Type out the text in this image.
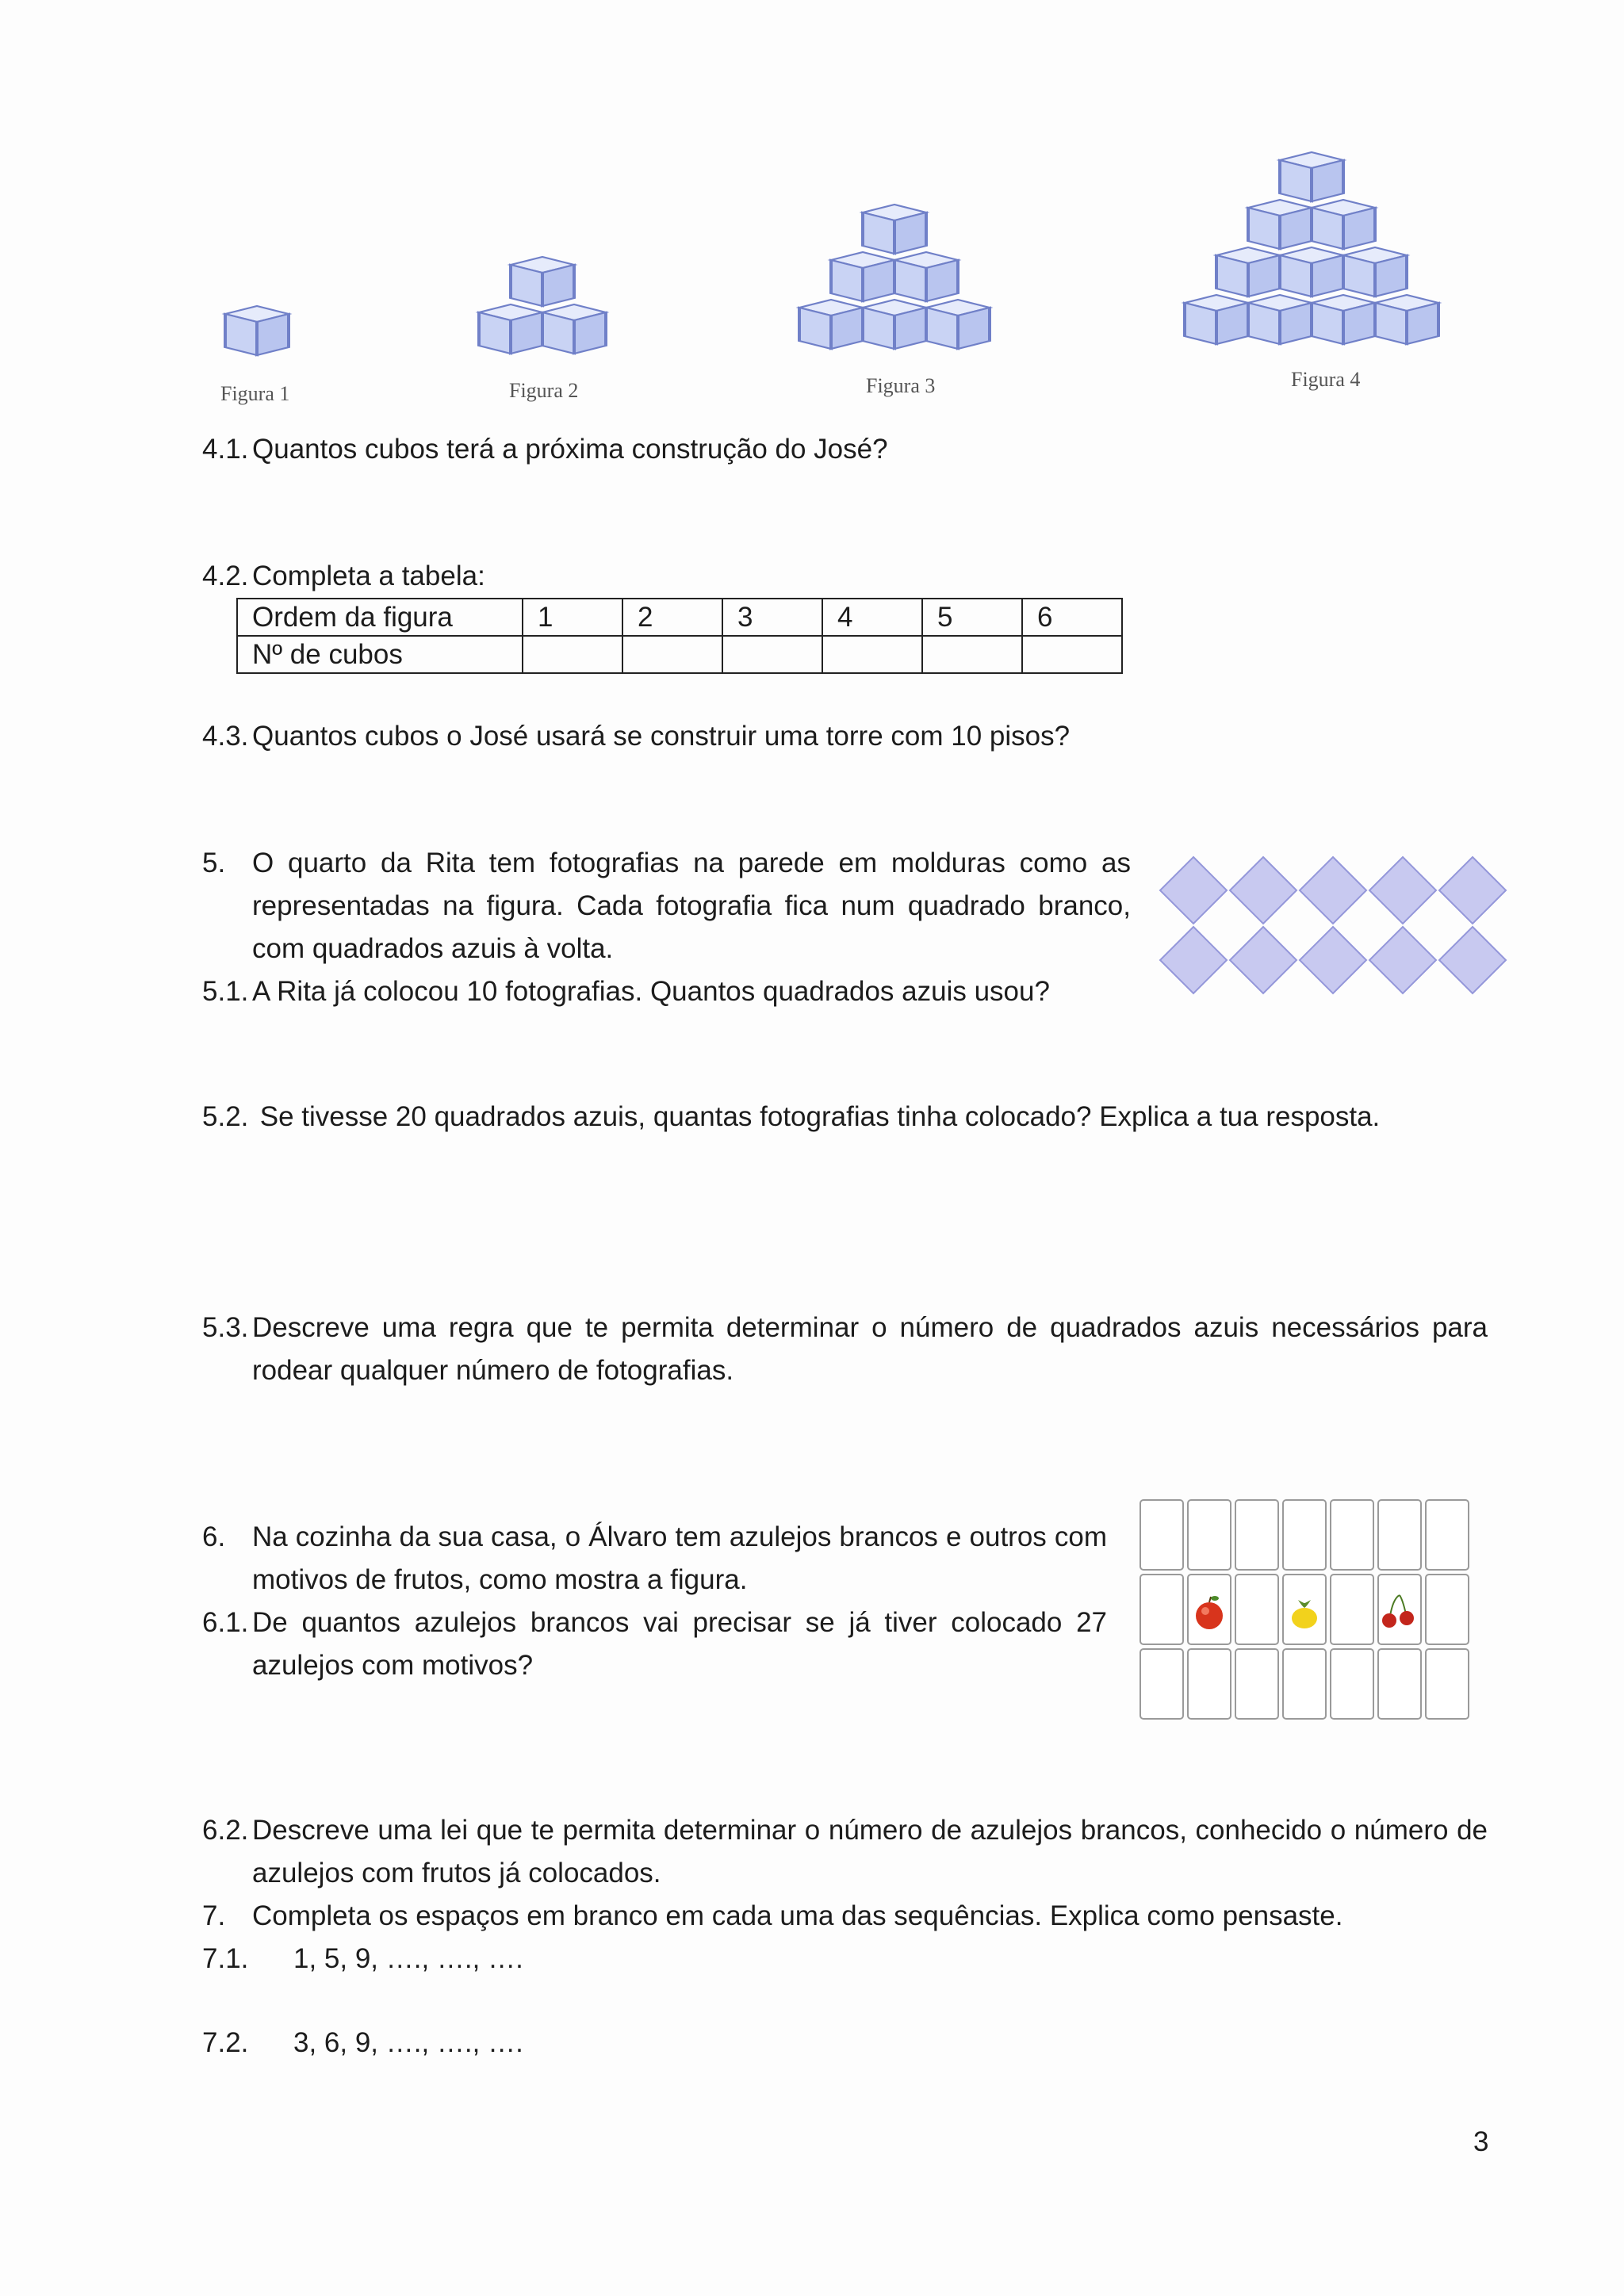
Figura 1	Figura 2	Figura 3	Figura 4
4.1. Quantos cubos terá a próxima construção do José?
4.2. Completa a tabela:
Ordem da figura	1	2	3	4	5	6
Nº de cubos						
4.3. Quantos cubos o José usará se construir uma torre com 10 pisos?
5. O quarto da Rita tem fotografias na parede em molduras como as
representadas na figura. Cada fotografia fica num quadrado branco,
com quadrados azuis à volta.
5.1. A Rita já colocou 10 fotografias. Quantos quadrados azuis usou?
5.2. Se tivesse 20 quadrados azuis, quantas fotografias tinha colocado? Explica a tua resposta.
5.3. Descreve uma regra que te permita determinar o número de quadrados azuis necessários para
rodear qualquer número de fotografias.
6. Na cozinha da sua casa, o Álvaro tem azulejos brancos e outros com
motivos de frutos, como mostra a figura.
6.1. De quantos azulejos brancos vai precisar se já tiver colocado 27
azulejos com motivos?
6.2. Descreve uma lei que te permita determinar o número de azulejos brancos, conhecido o número de
azulejos com frutos já colocados.
7. Completa os espaços em branco em cada uma das sequências. Explica como pensaste.
7.1. 1, 5, 9, …., …., ….
7.2. 3, 6, 9, …., …., ….
3
